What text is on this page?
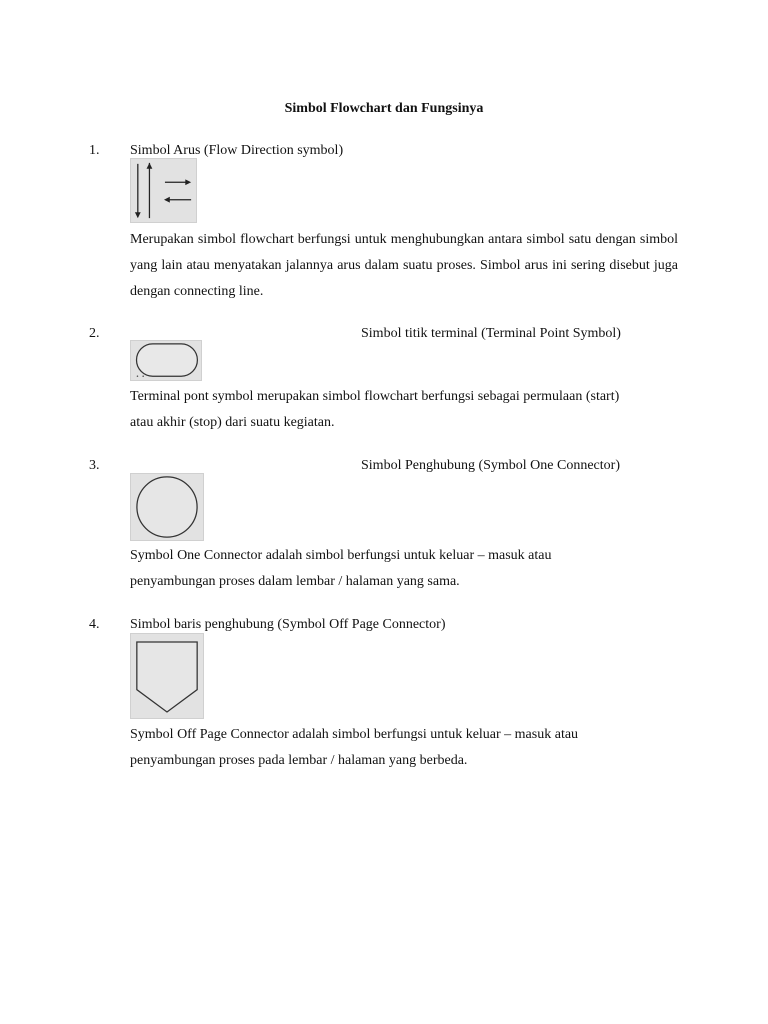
Simbol Flowchart dan Fungsinya
1. Simbol Arus (Flow Direction symbol)
Merupakan simbol flowchart berfungsi untuk menghubungkan antara simbol satu dengan simbol yang lain atau menyatakan jalannya arus dalam suatu proses. Simbol arus ini sering disebut juga dengan connecting line.
2.	Simbol titik terminal (Terminal Point Symbol)
Terminal pont symbol merupakan simbol flowchart berfungsi sebagai permulaan (start)
atau akhir (stop) dari suatu kegiatan.
3.	Simbol Penghubung (Symbol One Connector)
Symbol One Connector adalah simbol berfungsi untuk keluar – masuk atau
penyambungan proses dalam lembar / halaman yang sama.
4. Simbol baris penghubung (Symbol Off Page Connector)
Symbol Off Page Connector adalah simbol berfungsi untuk keluar – masuk atau
penyambungan proses pada lembar / halaman yang berbeda.
